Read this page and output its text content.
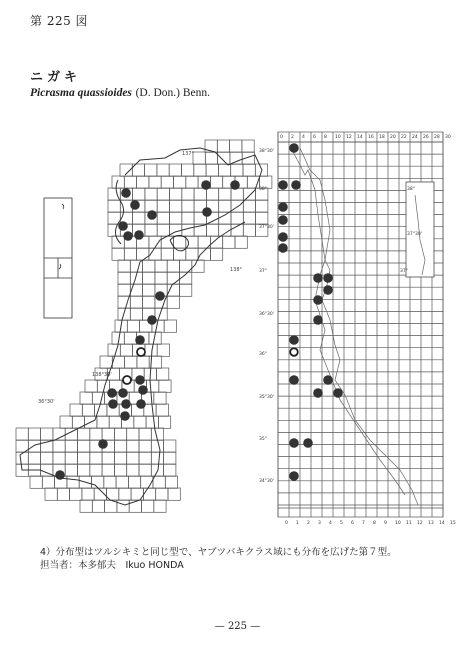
第 225 図
ニガキ
Picrasma quassioides (D. Don.) Benn.
137°
138°
138°30'
36°30'
0 2 4 6 8 10 12 14 16 18 20 22 24 26 28 30
0 1 2 3 4 5 6 7 8 9 10 11 12 13 14 15
38°30'
38°
37°30'
37°
36°30'
36°
35°30'
35°
34°30'
38°
37°30'
37°
4）分布型はツルシキミと同じ型で、ヤブツバキクラス域にも分布を広げた第７型。
担当者：本多郁夫　Ikuo HONDA
— 225 —
